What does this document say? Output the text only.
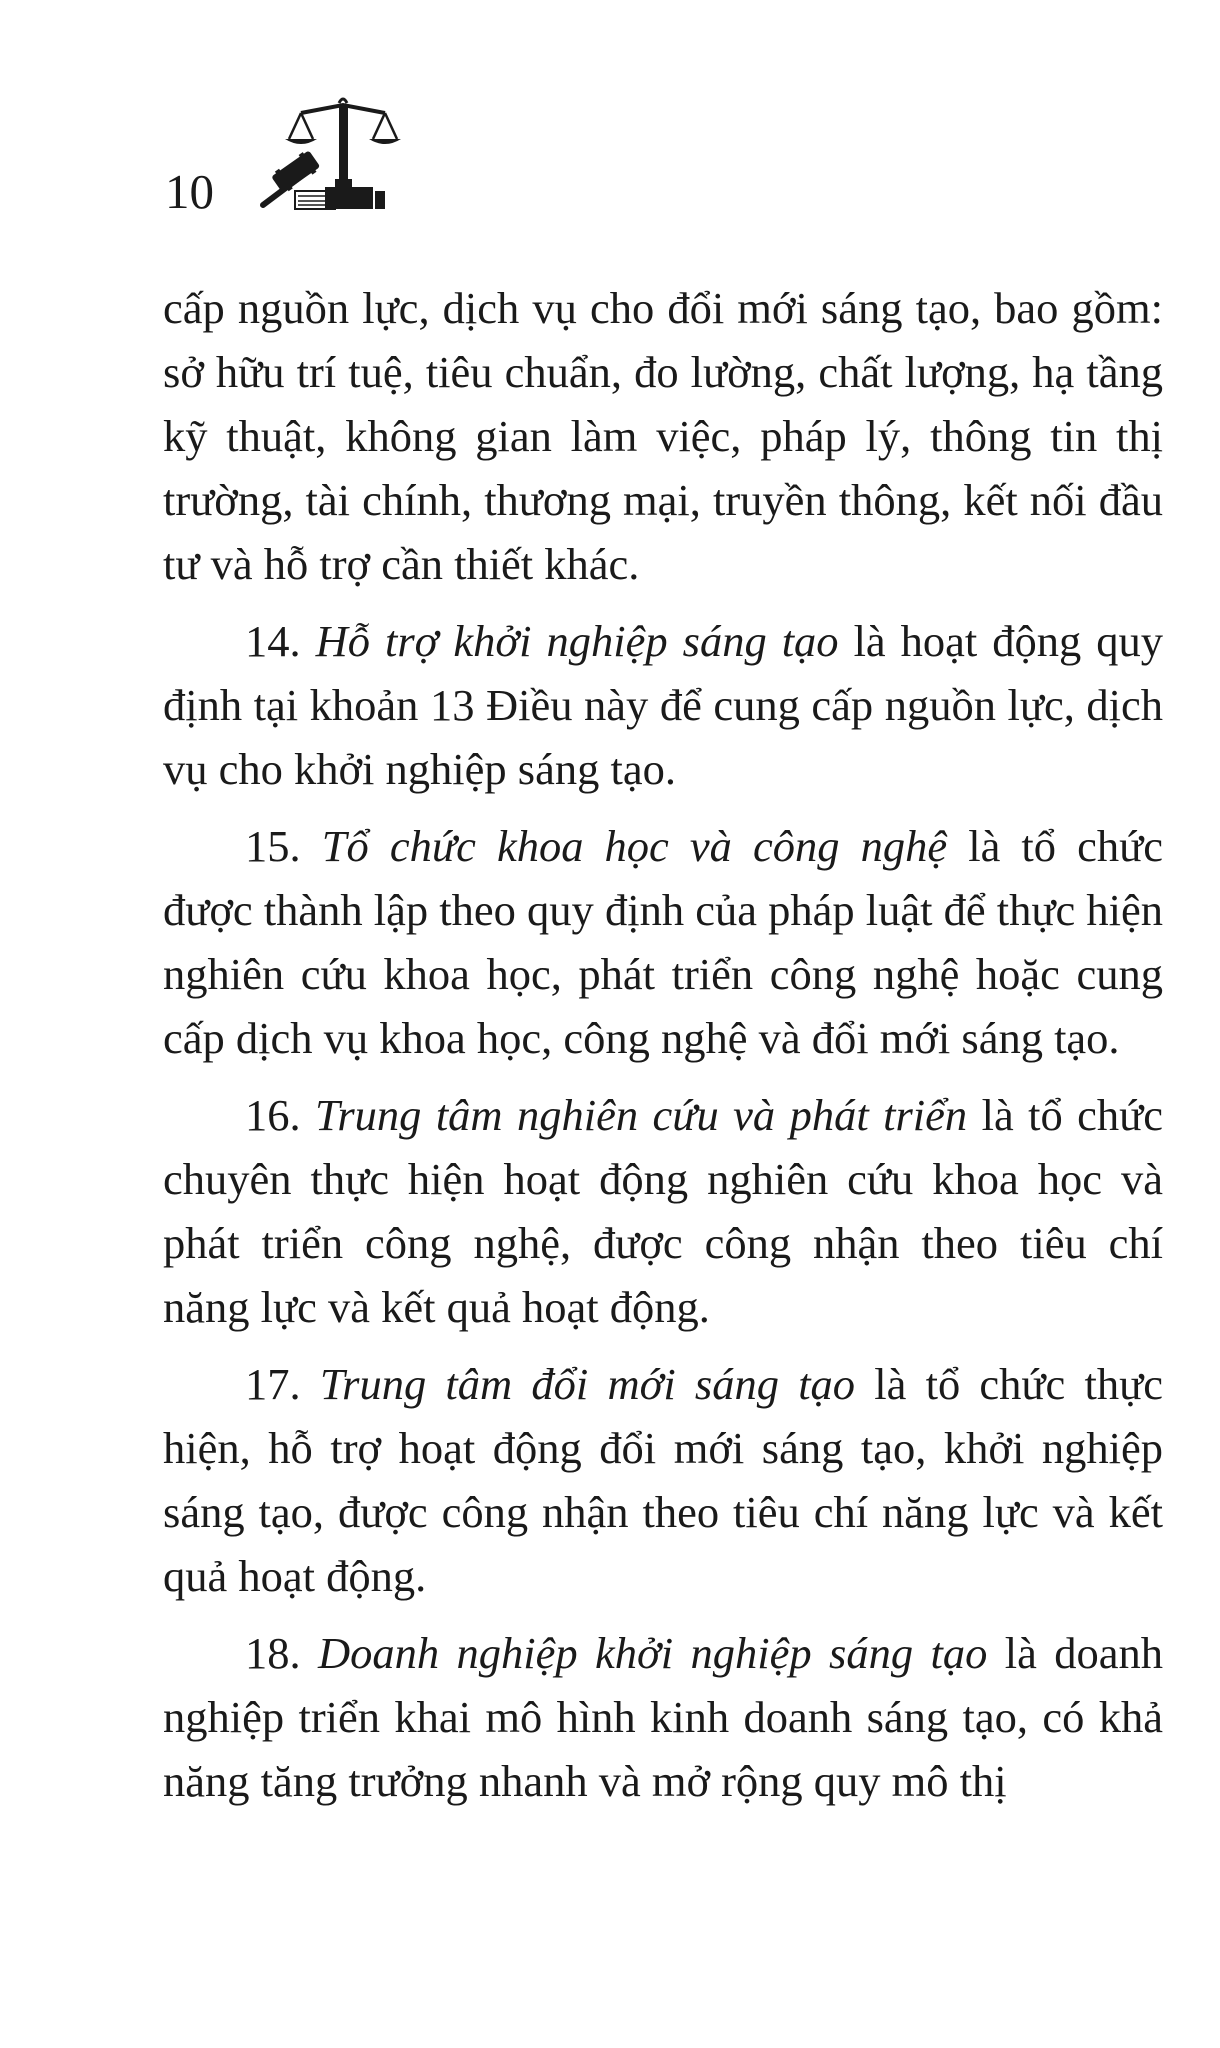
10

cấp nguồn lực, dịch vụ cho đổi mới sáng tạo, bao gồm: sở hữu trí tuệ, tiêu chuẩn, đo lường, chất lượng, hạ tầng kỹ thuật, không gian làm việc, pháp lý, thông tin thị trường, tài chính, thương mại, truyền thông, kết nối đầu tư và hỗ trợ cần thiết khác.

14. Hỗ trợ khởi nghiệp sáng tạo là hoạt động quy định tại khoản 13 Điều này để cung cấp nguồn lực, dịch vụ cho khởi nghiệp sáng tạo.

15. Tổ chức khoa học và công nghệ là tổ chức được thành lập theo quy định của pháp luật để thực hiện nghiên cứu khoa học, phát triển công nghệ hoặc cung cấp dịch vụ khoa học, công nghệ và đổi mới sáng tạo.

16. Trung tâm nghiên cứu và phát triển là tổ chức chuyên thực hiện hoạt động nghiên cứu khoa học và phát triển công nghệ, được công nhận theo tiêu chí năng lực và kết quả hoạt động.

17. Trung tâm đổi mới sáng tạo là tổ chức thực hiện, hỗ trợ hoạt động đổi mới sáng tạo, khởi nghiệp sáng tạo, được công nhận theo tiêu chí năng lực và kết quả hoạt động.

18. Doanh nghiệp khởi nghiệp sáng tạo là doanh nghiệp triển khai mô hình kinh doanh sáng tạo, có khả năng tăng trưởng nhanh và mở rộng quy mô thị
